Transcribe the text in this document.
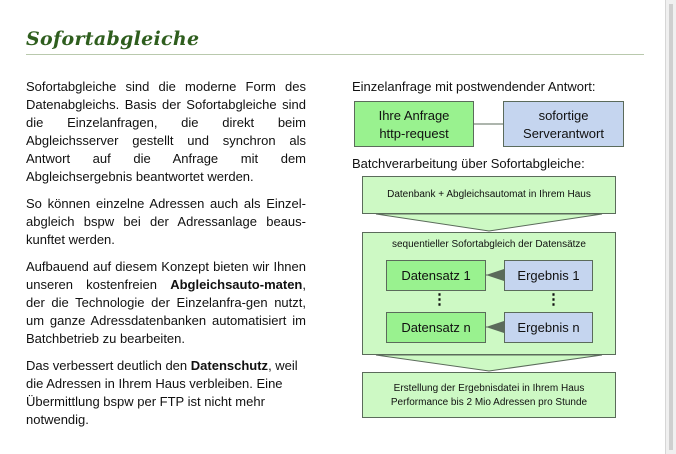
Sofortabgleiche

Sofortabgleiche sind die moderne Form des Datenabgleichs. Basis der Sofortabgleiche sind die Einzelanfragen, die direkt beim Abgleichsserver gestellt und synchron als Antwort auf die Anfrage mit dem Abgleichsergebnis beantwortet werden.

So können einzelne Adressen auch als Einzel-abgleich bspw bei der Adressanlage beaus-kunftet werden.

Aufbauend auf diesem Konzept bieten wir Ihnen unseren kostenfreien Abgleichsauto-maten, der die Technologie der Einzelanfra-gen nutzt, um ganze Adressdatenbanken automatisiert im Batchbetrieb zu bearbeiten.

Das verbessert deutlich den Datenschutz, weil die Adressen in Ihrem Haus verbleiben. Eine Übermittlung bspw per FTP ist nicht mehr notwendig.

Einzelanfrage mit postwendender Antwort:
Ihre Anfrage
http-request
sofortige
Serverantwort
Batchverarbeitung über Sofortabgleiche:
Datenbank + Abgleichsautomat in Ihrem Haus
sequentieller Sofortabgleich der Datensätze
Datensatz 1	Ergebnis 1
⋮	⋮
Datensatz n	Ergebnis n
Erstellung der Ergebnisdatei in Ihrem Haus
Performance bis 2 Mio Adressen pro Stunde
